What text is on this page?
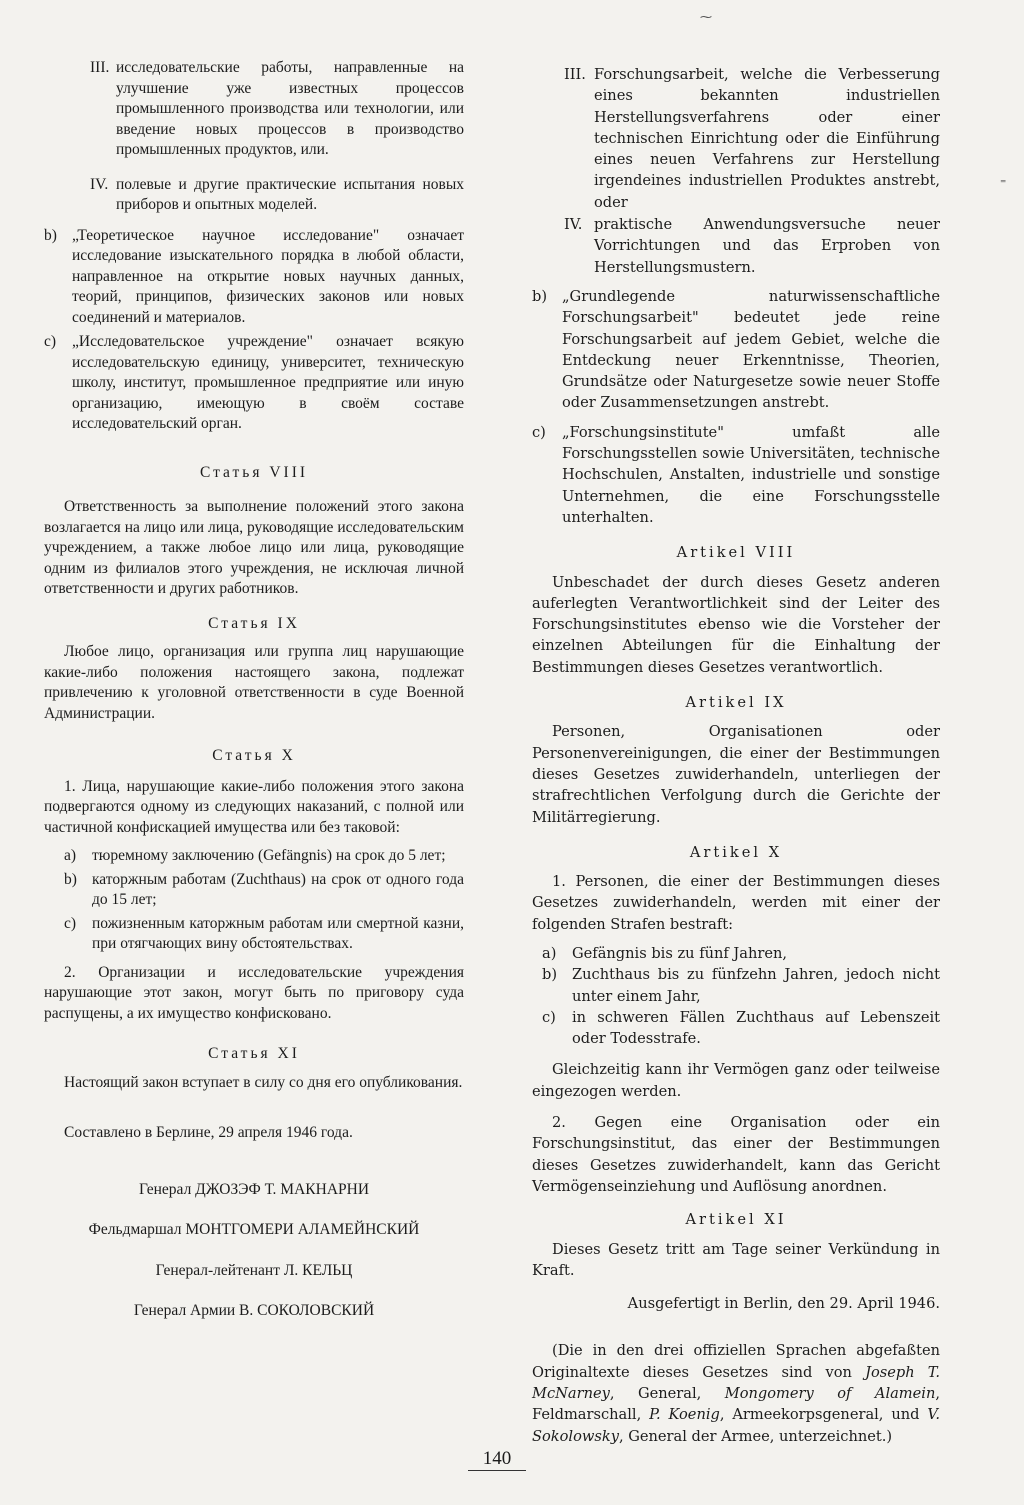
⁓
⁼
III. исследовательские работы, направленные на улучшение уже известных процессов промышленного производства или технологии, или введение новых процессов в производство промышленных продуктов, или.
IV. полевые и другие практические испытания новых приборов и опытных моделей.
b) „Теоретическое научное исследование" означает исследование изыскательного порядка в любой области, направленное на открытие новых научных данных, теорий, принципов, физических законов или новых соединений и материалов.
c)	„Исследовательское учреждение" означает всякую исследовательскую единицу, университет, техническую школу, институт, промышленное предприятие или иную организацию, имеющую в своём составе исследовательский орган.

Статья VIII

Ответственность за выполнение положений этого закона возлагается на лицо или лица, руководящие исследовательским учреждением, а также любое лицо или лица, руководящие одним из филиалов этого учреждения, не исключая личной ответственности и других работников.

Статья IX

Любое лицо, организация или группа лиц нарушающие какие-либо положения настоящего закона, подлежат привлечению к уголовной ответственности в суде Военной Администрации.

Статья X

1. Лица, нарушающие какие-либо положения этого закона подвергаются одному из следующих наказаний, с полной или частичной конфискацией имущества или без таковой:

a)	тюремному заключению (Gefängnis) на срок до 5 лет;
b) каторжным работам (Zuchthaus) на срок от одного года до 15 лет;
c)	пожизненным каторжным работам или смертной казни, при отягчающих вину обстоятельствах.

2. Организации и исследовательские учреждения нарушающие этот закон, могут быть по приговору суда распущены, а их имущество конфисковано.

Статья XI

Настоящий закон вступает в силу со дня его опубликования.

Составлено в Берлине, 29 апреля 1946 года.

Генерал ДЖОЗЭФ Т. МАКНАРНИ

Фельдмаршал МОНТГОМЕРИ АЛАМЕЙНСКИЙ

Генерал-лейтенант Л. КЕЛЬЦ

Генерал Армии В. СОКОЛОВСКИЙ

III. Forschungsarbeit, welche die Verbesserung eines bekannten industriellen Herstellungsverfahrens oder einer technischen Einrichtung oder die Einführung eines neuen Verfahrens zur Herstellung irgendeines industriellen Produktes anstrebt, oder
IV. praktische Anwendungsversuche neuer Vorrichtungen und das Erproben von Herstellungsmustern.
b)	„Grundlegende naturwissenschaftliche Forschungsarbeit" bedeutet jede reine Forschungsarbeit auf jedem Gebiet, welche die Entdeckung neuer Erkenntnisse, Theorien, Grundsätze oder Naturgesetze sowie neuer Stoffe oder Zusammensetzungen anstrebt.
c)	„Forschungsinstitute" umfaßt alle Forschungsstellen sowie Universitäten, technische Hochschulen, Anstalten, industrielle und sonstige Unternehmen, die eine Forschungsstelle unterhalten.

Artikel VIII

Unbeschadet der durch dieses Gesetz anderen auferlegten Verantwortlichkeit sind der Leiter des Forschungsinstitutes ebenso wie die Vorsteher der einzelnen Abteilungen für die Einhaltung der Bestimmungen dieses Gesetzes verantwortlich.

Artikel IX

Personen, Organisationen oder Personenvereinigungen, die einer der Bestimmungen dieses Gesetzes zuwiderhandeln, unterliegen der strafrechtlichen Verfolgung durch die Gerichte der Militärregierung.

Artikel X

1. Personen, die einer der Bestimmungen dieses Gesetzes zuwiderhandeln, werden mit einer der folgenden Strafen bestraft:

a)	Gefängnis bis zu fünf Jahren,
b)	Zuchthaus bis zu fünfzehn Jahren, jedoch nicht unter einem Jahr,
c)	in schweren Fällen Zuchthaus auf Lebenszeit oder Todesstrafe.

Gleichzeitig kann ihr Vermögen ganz oder teilweise eingezogen werden.

2. Gegen eine Organisation oder ein Forschungsinstitut, das einer der Bestimmungen dieses Gesetzes zuwiderhandelt, kann das Gericht Vermögenseinziehung und Auflösung anordnen.

Artikel XI

Dieses Gesetz tritt am Tage seiner Verkündung in Kraft.

Ausgefertigt in Berlin, den 29. April 1946.

(Die in den drei offiziellen Sprachen abgefaßten Originaltexte dieses Gesetzes sind von Joseph T. McNarney, General, Mongomery of Alamein, Feldmarschall, P. Koenig, Armeekorpsgeneral, und V. Sokolowsky, General der Armee, unterzeichnet.)

140
